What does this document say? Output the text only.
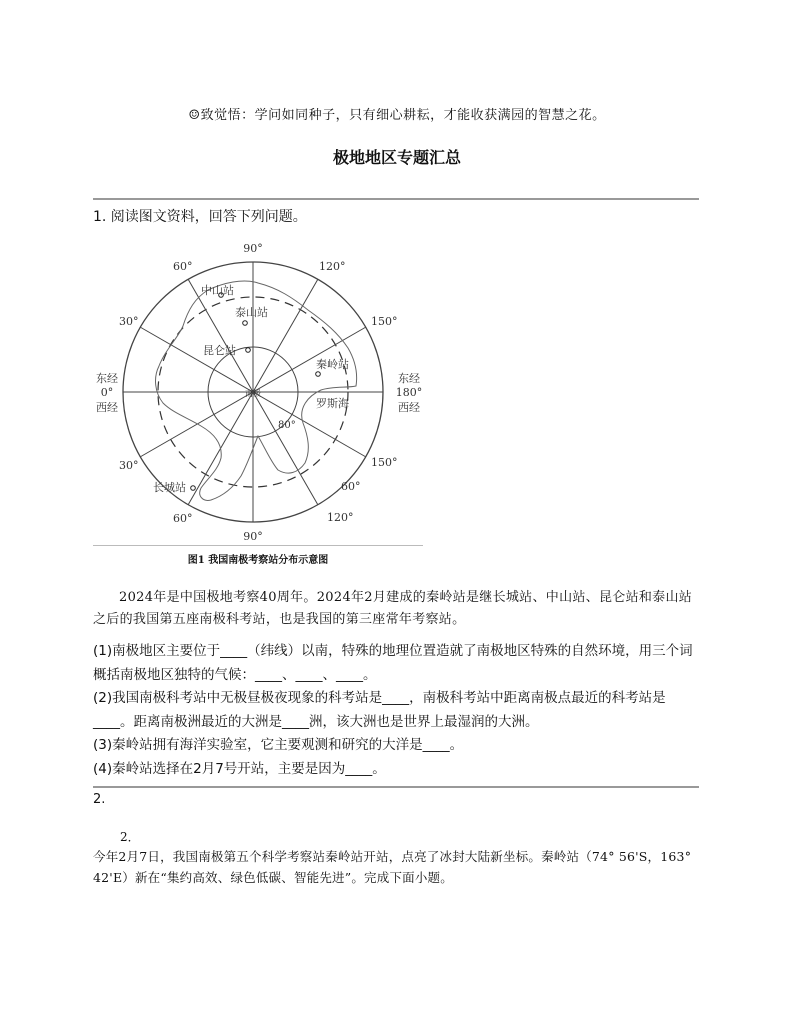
☺致觉悟：学问如同种子，只有细心耕耘，才能收获满园的智慧之花。
极地地区专题汇总
1. 阅读图文资料，回答下列问题。
90°
90°
60°	120°
30°	150°
30°	150°
60°
60°	120°
东经
0°
西经
东经
180°
西经
80°
南极
罗斯海
中山站
泰山站
昆仑站
秦岭站
长城站
图1 我国南极考察站分布示意图
2024年是中国极地考察40周年。2024年2月建成的秦岭站是继长城站、中山站、昆仑站和泰山站之后的我国第五座南极科考站，也是我国的第三座常年考察站。
(1)南极地区主要位于____（纬线）以南，特殊的地理位置造就了南极地区特殊的自然环境，用三个词概括南极地区独特的气候：____、____、____。
(2)我国南极科考站中无极昼极夜现象的科考站是____，南极科考站中距离南极点最近的科考站是____。距离南极洲最近的大洲是____洲，该大洲也是世界上最湿润的大洲。
(3)秦岭站拥有海洋实验室，它主要观测和研究的大洋是____。
(4)秦岭站选择在2月7号开站，主要是因为____。
2.
2．
今年2月7日，我国南极第五个科学考察站秦岭站开站，点亮了冰封大陆新坐标。秦岭站（74° 56'S，163° 42'E）新在“集约高效、绿色低碳、智能先进”。完成下面小题。
